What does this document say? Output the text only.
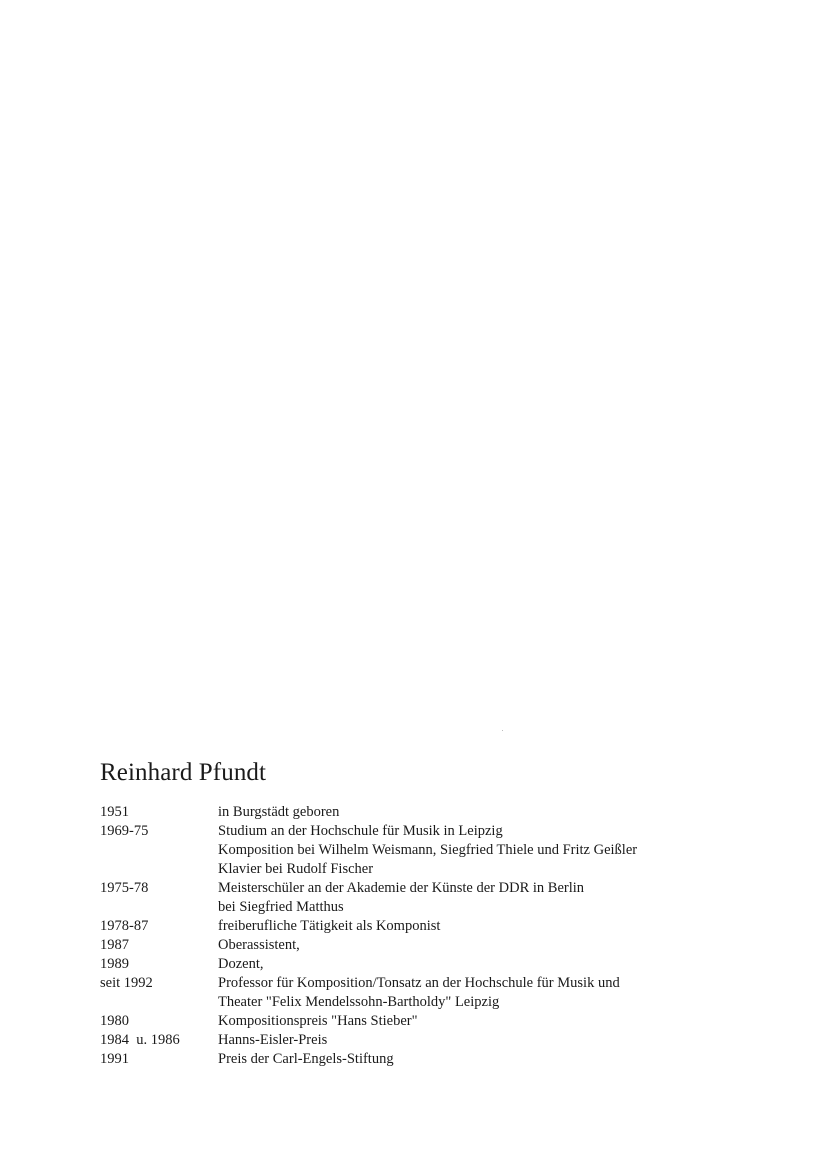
Reinhard Pfundt
1951	in Burgstädt geboren
1969-75	Studium an der Hochschule für Musik in Leipzig
Komposition bei Wilhelm Weismann, Siegfried Thiele und Fritz Geißler
Klavier bei Rudolf Fischer
1975-78	Meisterschüler an der Akademie der Künste der DDR in Berlin
bei Siegfried Matthus
1978-87	freiberufliche Tätigkeit als Komponist
1987	Oberassistent,
1989	Dozent,
seit 1992	Professor für Komposition/Tonsatz an der Hochschule für Musik und
Theater "Felix Mendelssohn-Bartholdy" Leipzig
1980	Kompositionspreis "Hans Stieber"
1984  u. 1986	Hanns-Eisler-Preis
1991	Preis der Carl-Engels-Stiftung
